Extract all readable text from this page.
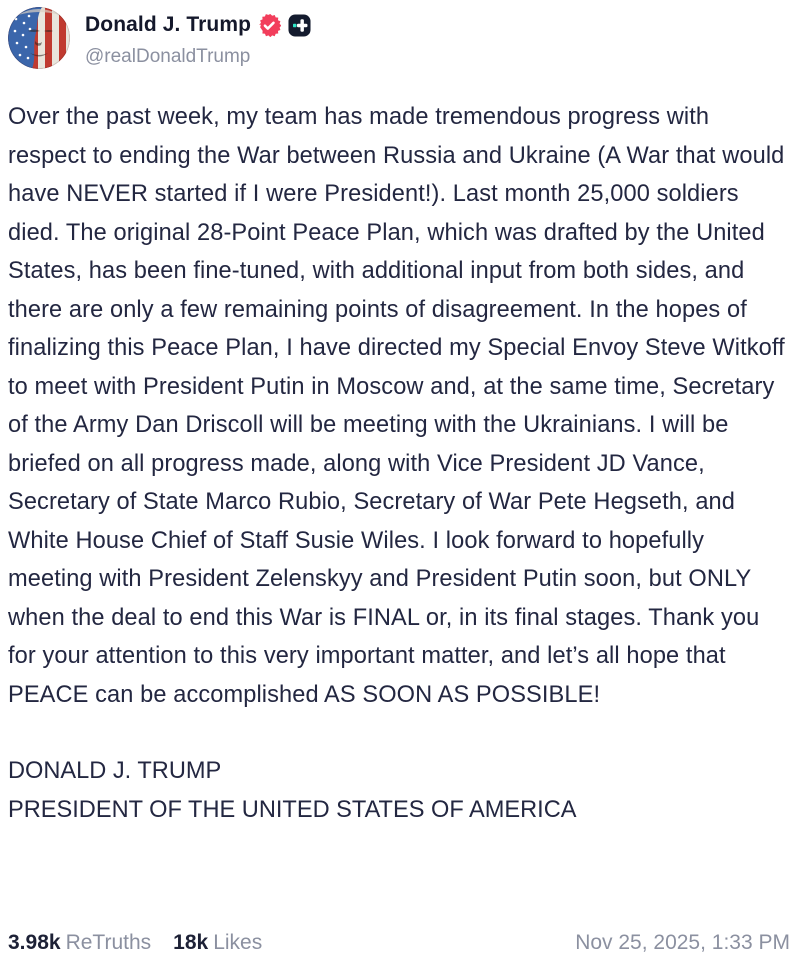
Donald J. Trump
@realDonaldTrump
Over the past week, my team has made tremendous progress with respect to ending the War between Russia and Ukraine (A War that would have NEVER started if I were President!). Last month 25,000 soldiers died. The original 28-Point Peace Plan, which was drafted by the United States, has been fine-tuned, with additional input from both sides, and there are only a few remaining points of disagreement. In the hopes of finalizing this Peace Plan, I have directed my Special Envoy Steve Witkoff to meet with President Putin in Moscow and, at the same time, Secretary of the Army Dan Driscoll will be meeting with the Ukrainians. I will be briefed on all progress made, along with Vice President JD Vance, Secretary of State Marco Rubio, Secretary of War Pete Hegseth, and White House Chief of Staff Susie Wiles. I look forward to hopefully meeting with President Zelenskyy and President Putin soon, but ONLY when the deal to end this War is FINAL or, in its final stages. Thank you for your attention to this very important matter, and let’s all hope that PEACE can be accomplished AS SOON AS POSSIBLE!
DONALD J. TRUMP
PRESIDENT OF THE UNITED STATES OF AMERICA
3.98k ReTruths 18k Likes	Nov 25, 2025, 1:33 PM
